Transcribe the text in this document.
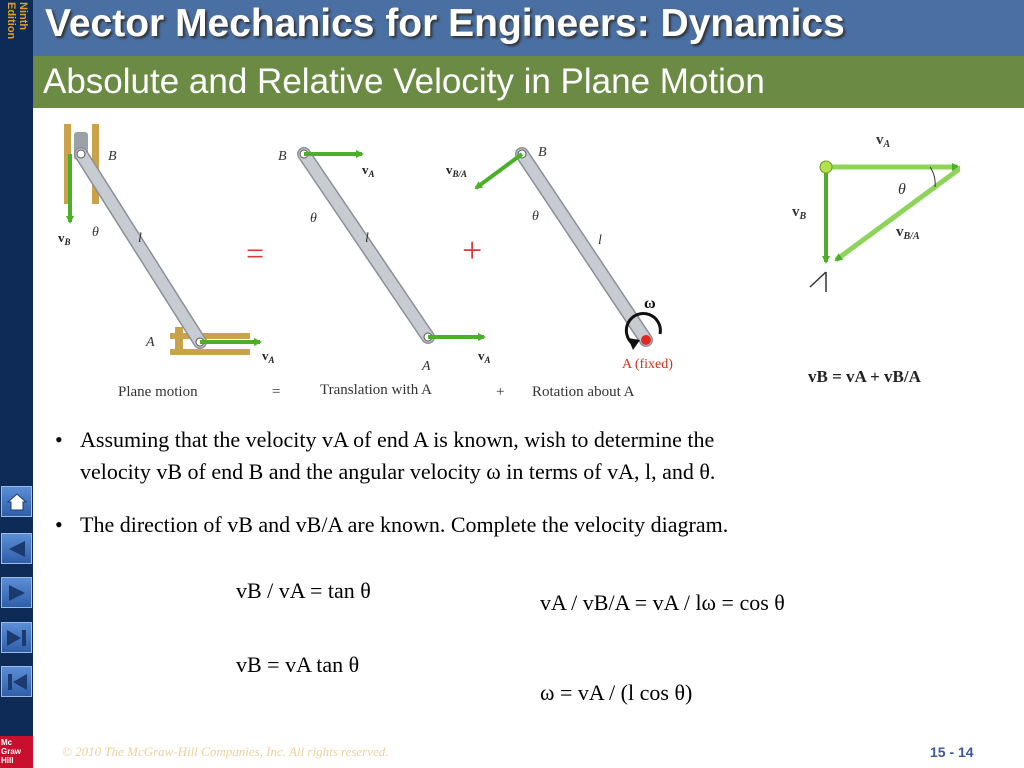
Ninth
Edition
Mc
Graw
Hill
Vector Mechanics for Engineers: Dynamics
Absolute and Relative Velocity in Plane Motion
B
l
θ
A
$v_B$
$v_A$
=
B
l
θ
A
$v_A$
$v_A$
+
B
l
θ
$v_{B/A}$
ω
A (fixed)
$v_A$
$v_B$
$v_{B/A}$
θ
vB = vA + vB/A
Plane motion	=	Translation with A	+ Rotation about A
• Assuming that the velocity vA of end A is known, wish to determine the
velocity vB of end B and the angular velocity ω in terms of vA, l, and θ.
• The direction of vB and vB/A are known. Complete the velocity diagram.
vB / vA = tan θ
vB = vA tan θ
vA / vB/A = vA / lω = cos θ
ω = vA / (l cos θ)
© 2010 The McGraw-Hill Companies, Inc. All rights reserved.	15 - 14
